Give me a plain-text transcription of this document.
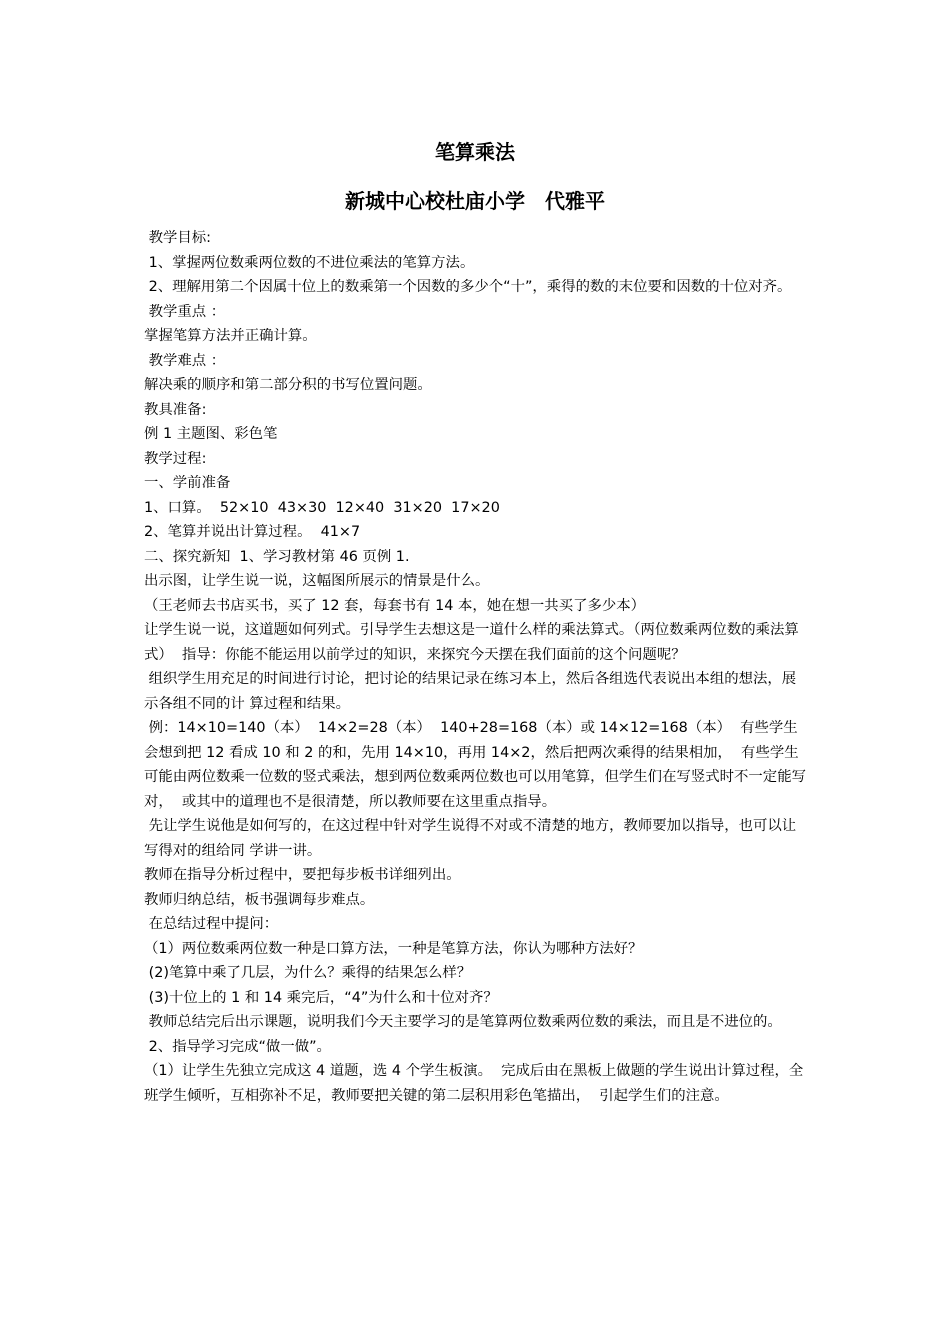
笔算乘法
新城中心校杜庙小学　代雅平

教学目标:

1、掌握两位数乘两位数的不进位乘法的笔算方法。

2、理解用第二个因属十位上的数乘第一个因数的多少个“十”，乘得的数的末位要和因数的十位对齐。

教学重点 ：

掌握笔算方法并正确计算。

教学难点 ：

解决乘的顺序和第二部分积的书写位置问题。

教具准备:

例 1 主题图、彩色笔

教学过程:

一、学前准备

1、口算。  52×10  43×30  12×40  31×20  17×20

2、笔算并说出计算过程。  41×7

二、探究新知  1、学习教材第 46 页例 1.

出示图，让学生说一说，这幅图所展示的情景是什么。

（王老师去书店买书，买了 12 套，每套书有 14 本，她在想一共买了多少本）

让学生说一说，这道题如何列式。引导学生去想这是一道什么样的乘法算式。（两位数乘两位数的乘法算式）  指导：你能不能运用以前学过的知识，来探究今天摆在我们面前的这个问题呢？

组织学生用充足的时间进行讨论，把讨论的结果记录在练习本上，然后各组选代表说出本组的想法，展示各组不同的计 算过程和结果。

例：14×10=140（本）  14×2=28（本）  140+28=168（本）或 14×12=168（本）  有些学生会想到把 12 看成 10 和 2 的和，先用 14×10，再用 14×2，然后把两次乘得的结果相加，  有些学生可能由两位数乘一位数的竖式乘法，想到两位数乘两位数也可以用笔算，但学生们在写竖式时不一定能写对，  或其中的道理也不是很清楚，所以教师要在这里重点指导。

先让学生说他是如何写的，在这过程中针对学生说得不对或不清楚的地方，教师要加以指导，也可以让写得对的组给同 学讲一讲。

教师在指导分析过程中，要把每步板书详细列出。

教师归纳总结，板书强调每步难点。

在总结过程中提问：

（1）两位数乘两位数一种是口算方法，一种是笔算方法，你认为哪种方法好？

(2)笔算中乘了几层，为什么？乘得的结果怎么样？

(3)十位上的 1 和 14 乘完后，“4”为什么和十位对齐？

教师总结完后出示课题，说明我们今天主要学习的是笔算两位数乘两位数的乘法，而且是不进位的。

2、指导学习完成“做一做”。

（1）让学生先独立完成这 4 道题，选 4 个学生板演。  完成后由在黑板上做题的学生说出计算过程，全班学生倾听，互相弥补不足，教师要把关键的第二层积用彩色笔描出，  引起学生们的注意。
